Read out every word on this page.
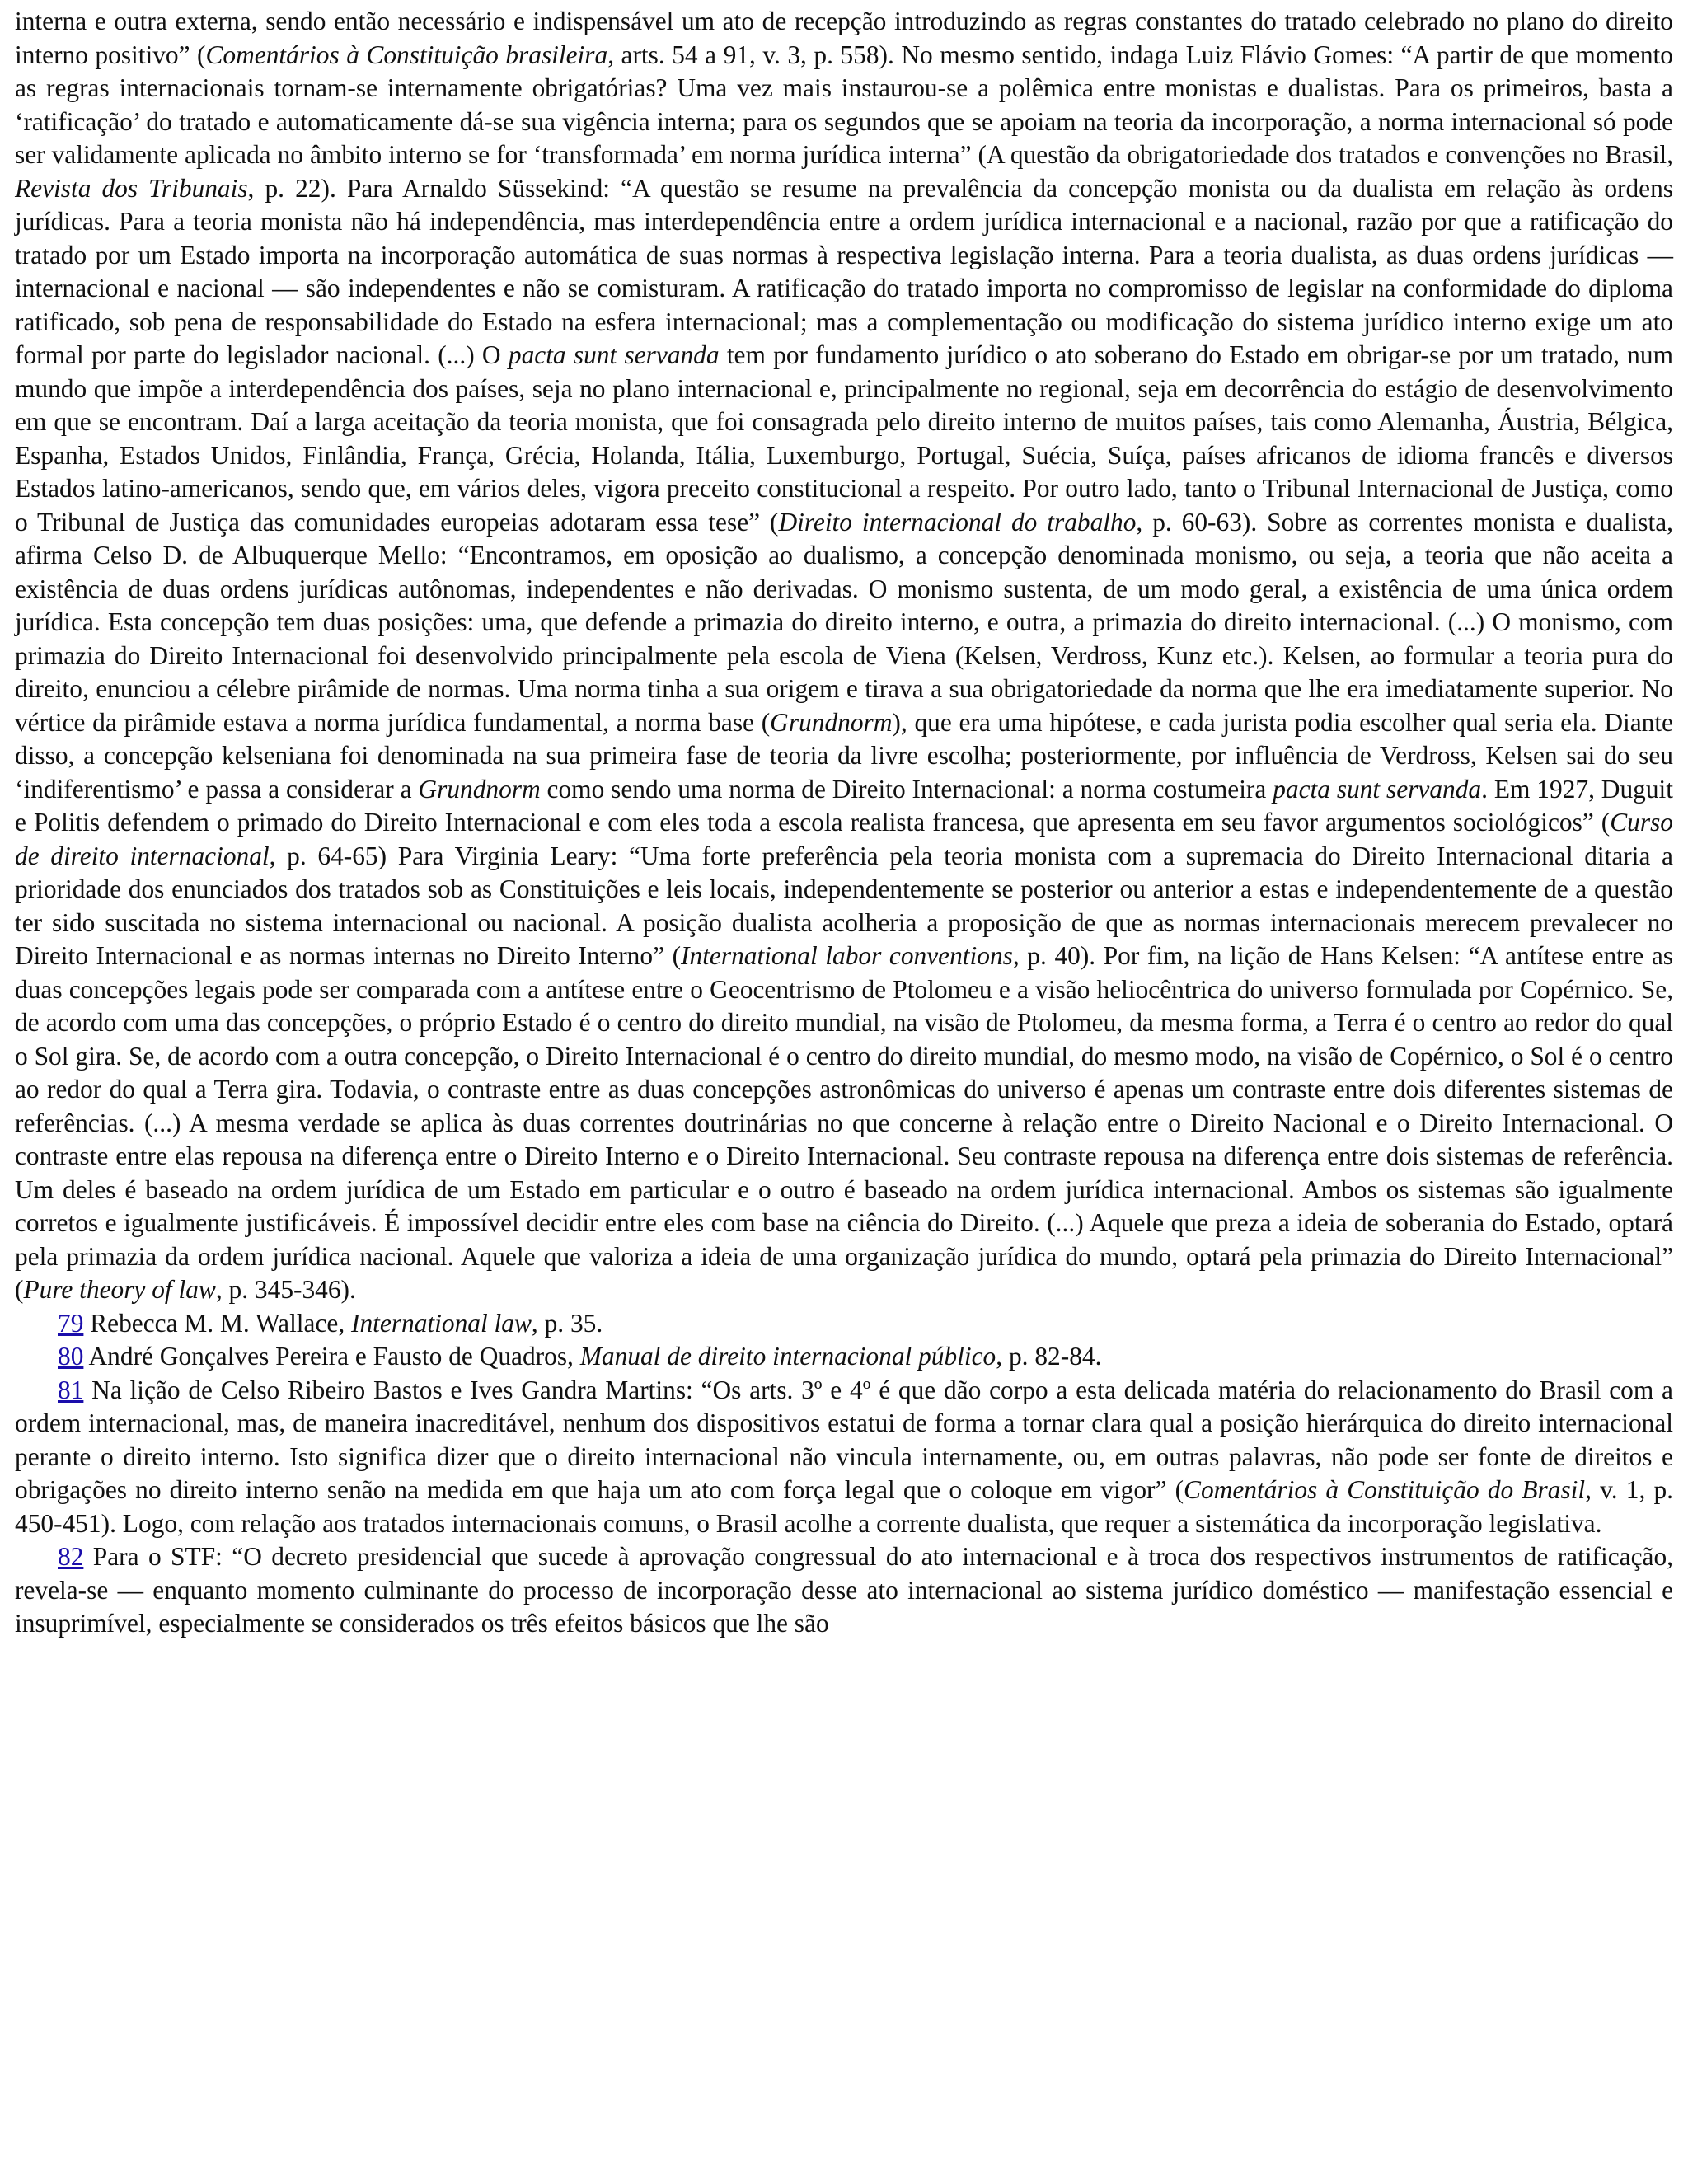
interna e outra externa, sendo então necessário e indispensável um ato de recepção introduzindo as regras constantes do tratado celebrado no plano do direito interno positivo” (Comentários à Constituição brasileira, arts. 54 a 91, v. 3, p. 558). No mesmo sentido, indaga Luiz Flávio Gomes: “A partir de que momento as regras internacionais tornam-se internamente obrigatórias? Uma vez mais instaurou-se a polêmica entre monistas e dualistas. Para os primeiros, basta a ‘ratificação’ do tratado e automaticamente dá-se sua vigência interna; para os segundos que se apoiam na teoria da incorporação, a norma internacional só pode ser validamente aplicada no âmbito interno se for ‘transformada’ em norma jurídica interna” (A questão da obrigatoriedade dos tratados e convenções no Brasil, Revista dos Tribunais, p. 22). Para Arnaldo Süssekind: “A questão se resume na prevalência da concepção monista ou da dualista em relação às ordens jurídicas. Para a teoria monista não há independência, mas interdependência entre a ordem jurídica internacional e a nacional, razão por que a ratificação do tratado por um Estado importa na incorporação automática de suas normas à respectiva legislação interna. Para a teoria dualista, as duas ordens jurídicas — internacional e nacional — são independentes e não se comisturam. A ratificação do tratado importa no compromisso de legislar na conformidade do diploma ratificado, sob pena de responsabilidade do Estado na esfera internacional; mas a complementação ou modificação do sistema jurídico interno exige um ato formal por parte do legislador nacional. (...) O pacta sunt servanda tem por fundamento jurídico o ato soberano do Estado em obrigar-se por um tratado, num mundo que impõe a interdependência dos países, seja no plano internacional e, principalmente no regional, seja em decorrência do estágio de desenvolvimento em que se encontram. Daí a larga aceitação da teoria monista, que foi consagrada pelo direito interno de muitos países, tais como Alemanha, Áustria, Bélgica, Espanha, Estados Unidos, Finlândia, França, Grécia, Holanda, Itália, Luxemburgo, Portugal, Suécia, Suíça, países africanos de idioma francês e diversos Estados latino-americanos, sendo que, em vários deles, vigora preceito constitucional a respeito. Por outro lado, tanto o Tribunal Internacional de Justiça, como o Tribunal de Justiça das comunidades europeias adotaram essa tese” (Direito internacional do trabalho, p. 60-63). Sobre as correntes monista e dualista, afirma Celso D. de Albuquerque Mello: “Encontramos, em oposição ao dualismo, a concepção denominada monismo, ou seja, a teoria que não aceita a existência de duas ordens jurídicas autônomas, independentes e não derivadas. O monismo sustenta, de um modo geral, a existência de uma única ordem jurídica. Esta concepção tem duas posições: uma, que defende a primazia do direito interno, e outra, a primazia do direito internacional. (...) O monismo, com primazia do Direito Internacional foi desenvolvido principalmente pela escola de Viena (Kelsen, Verdross, Kunz etc.). Kelsen, ao formular a teoria pura do direito, enunciou a célebre pirâmide de normas. Uma norma tinha a sua origem e tirava a sua obrigatoriedade da norma que lhe era imediatamente superior. No vértice da pirâmide estava a norma jurídica fundamental, a norma base (Grundnorm), que era uma hipótese, e cada jurista podia escolher qual seria ela. Diante disso, a concepção kelseniana foi denominada na sua primeira fase de teoria da livre escolha; posteriormente, por influência de Verdross, Kelsen sai do seu ‘indiferentismo’ e passa a considerar a Grundnorm como sendo uma norma de Direito Internacional: a norma costumeira pacta sunt servanda. Em 1927, Duguit e Politis defendem o primado do Direito Internacional e com eles toda a escola realista francesa, que apresenta em seu favor argumentos sociológicos” (Curso de direito internacional, p. 64-65) Para Virginia Leary: “Uma forte preferência pela teoria monista com a supremacia do Direito Internacional ditaria a prioridade dos enunciados dos tratados sob as Constituições e leis locais, independentemente se posterior ou anterior a estas e independentemente de a questão ter sido suscitada no sistema internacional ou nacional. A posição dualista acolheria a proposição de que as normas internacionais merecem prevalecer no Direito Internacional e as normas internas no Direito Interno” (International labor conventions, p. 40). Por fim, na lição de Hans Kelsen: “A antítese entre as duas concepções legais pode ser comparada com a antítese entre o Geocentrismo de Ptolomeu e a visão heliocêntrica do universo formulada por Copérnico. Se, de acordo com uma das concepções, o próprio Estado é o centro do direito mundial, na visão de Ptolomeu, da mesma forma, a Terra é o centro ao redor do qual o Sol gira. Se, de acordo com a outra concepção, o Direito Internacional é o centro do direito mundial, do mesmo modo, na visão de Copérnico, o Sol é o centro ao redor do qual a Terra gira. Todavia, o contraste entre as duas concepções astronômicas do universo é apenas um contraste entre dois diferentes sistemas de referências. (...) A mesma verdade se aplica às duas correntes doutrinárias no que concerne à relação entre o Direito Nacional e o Direito Internacional. O contraste entre elas repousa na diferença entre o Direito Interno e o Direito Internacional. Seu contraste repousa na diferença entre dois sistemas de referência. Um deles é baseado na ordem jurídica de um Estado em particular e o outro é baseado na ordem jurídica internacional. Ambos os sistemas são igualmente corretos e igualmente justificáveis. É impossível decidir entre eles com base na ciência do Direito. (...) Aquele que preza a ideia de soberania do Estado, optará pela primazia da ordem jurídica nacional. Aquele que valoriza a ideia de uma organização jurídica do mundo, optará pela primazia do Direito Internacional” (Pure theory of law, p. 345-346).

79 Rebecca M. M. Wallace, International law, p. 35.

80 André Gonçalves Pereira e Fausto de Quadros, Manual de direito internacional público, p. 82-84.

81 Na lição de Celso Ribeiro Bastos e Ives Gandra Martins: “Os arts. 3º e 4º é que dão corpo a esta delicada matéria do relacionamento do Brasil com a ordem internacional, mas, de maneira inacreditável, nenhum dos dispositivos estatui de forma a tornar clara qual a posição hierárquica do direito internacional perante o direito interno. Isto significa dizer que o direito internacional não vincula internamente, ou, em outras palavras, não pode ser fonte de direitos e obrigações no direito interno senão na medida em que haja um ato com força legal que o coloque em vigor” (Comentários à Constituição do Brasil, v. 1, p. 450-451). Logo, com relação aos tratados internacionais comuns, o Brasil acolhe a corrente dualista, que requer a sistemática da incorporação legislativa.

82 Para o STF: “O decreto presidencial que sucede à aprovação congressual do ato internacional e à troca dos respectivos instrumentos de ratificação, revela-se — enquanto momento culminante do processo de incorporação desse ato internacional ao sistema jurídico doméstico — manifestação essencial e insuprimível, especialmente se considerados os três efeitos básicos que lhe são
